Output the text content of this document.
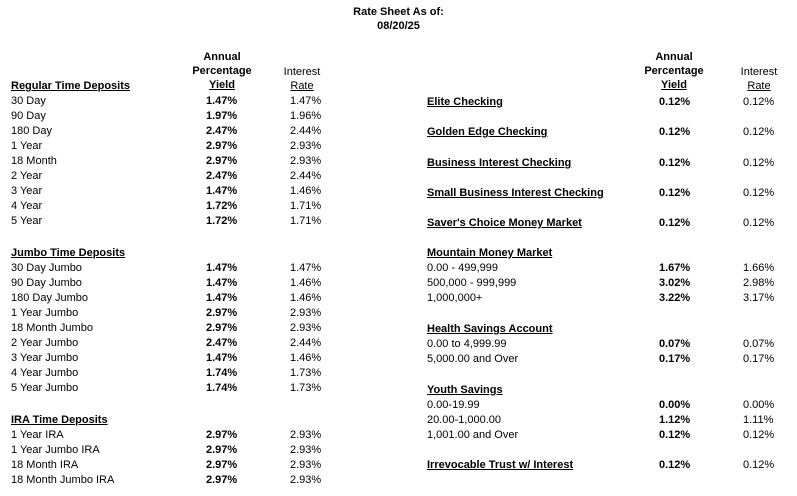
Rate Sheet As of:
08/20/25
Annual
Percentage
Yield
Interest
Rate
Annual
Percentage
Yield
Interest
Rate
Regular Time Deposits
30 Day	1.47%	1.47%
90 Day	1.97%	1.96%
180 Day	2.47%	2.44%
1 Year	2.97%	2.93%
18 Month	2.97%	2.93%
2 Year	2.47%	2.44%
3 Year	1.47%	1.46%
4 Year	1.72%	1.71%
5 Year	1.72%	1.71%
Jumbo Time Deposits
30 Day Jumbo	1.47%	1.47%
90 Day Jumbo	1.47%	1.46%
180 Day Jumbo	1.47%	1.46%
1 Year Jumbo	2.97%	2.93%
18 Month Jumbo	2.97%	2.93%
2 Year Jumbo	2.47%	2.44%
3 Year Jumbo	1.47%	1.46%
4 Year Jumbo	1.74%	1.73%
5 Year Jumbo	1.74%	1.73%
IRA Time Deposits
1 Year IRA	2.97%	2.93%
1 Year Jumbo IRA	2.97%	2.93%
18 Month IRA	2.97%	2.93%
18 Month Jumbo IRA	2.97%	2.93%
Elite Checking	0.12%	0.12%
Golden Edge Checking	0.12%	0.12%
Business Interest Checking	0.12%	0.12%
Small Business Interest Checking	0.12%	0.12%
Saver's Choice Money Market	0.12%	0.12%
Mountain Money Market
0.00 - 499,999	1.67%	1.66%
500,000 - 999,999	3.02%	2.98%
1,000,000+	3.22%	3.17%
Health Savings Account
0.00 to 4,999.99	0.07%	0.07%
5,000.00 and Over	0.17%	0.17%
Youth Savings
0.00-19.99	0.00%	0.00%
20.00-1,000.00	1.12%	1.11%
1,001.00 and Over	0.12%	0.12%
Irrevocable Trust w/ Interest	0.12%	0.12%
